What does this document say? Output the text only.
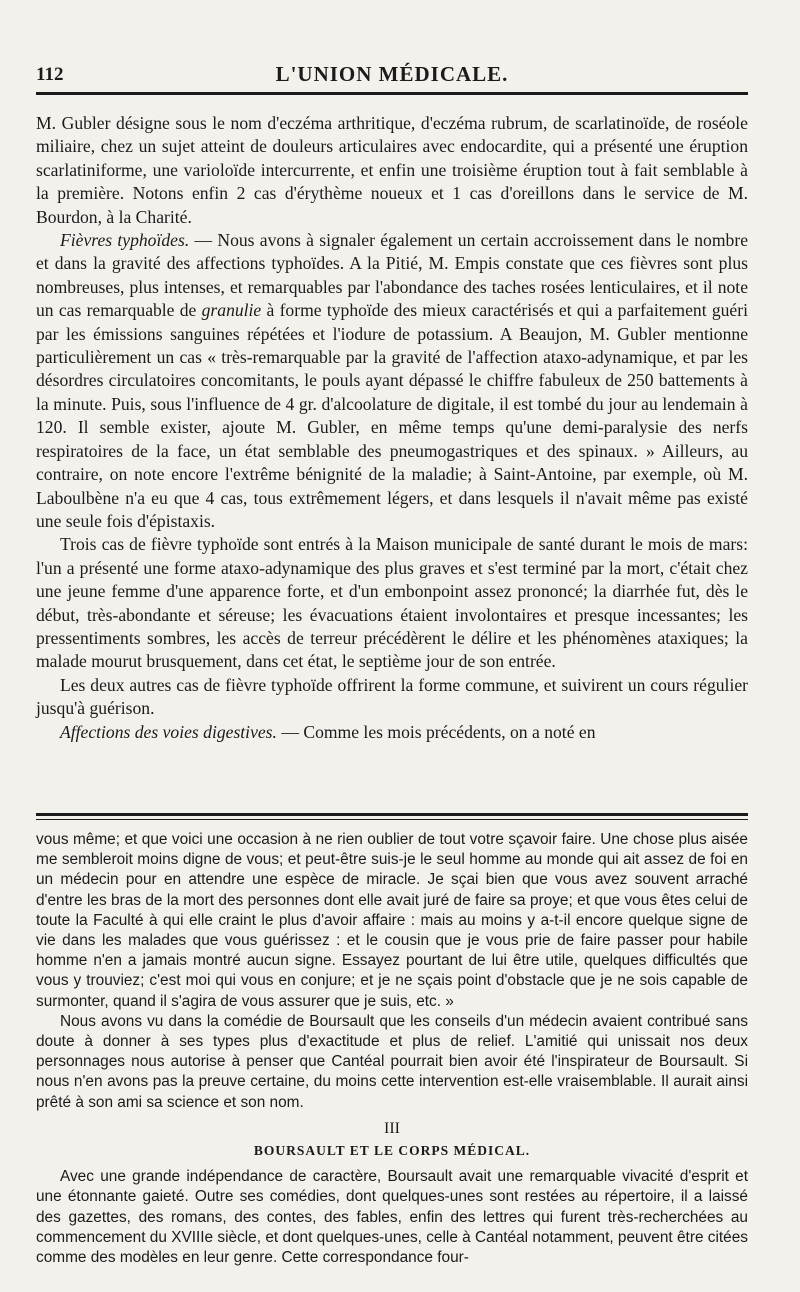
112	L'UNION MÉDICALE.

M. Gubler désigne sous le nom d'eczéma arthritique, d'eczéma rubrum, de scarlatinoïde, de roséole miliaire, chez un sujet atteint de douleurs articulaires avec endocardite, qui a présenté une éruption scarlatiniforme, une varioloïde intercurrente, et enfin une troisième éruption tout à fait semblable à la première. Notons enfin 2 cas d'érythème noueux et 1 cas d'oreillons dans le service de M. Bourdon, à la Charité.

Fièvres typhoïdes. — Nous avons à signaler également un certain accroissement dans le nombre et dans la gravité des affections typhoïdes. A la Pitié, M. Empis constate que ces fièvres sont plus nombreuses, plus intenses, et remarquables par l'abondance des taches rosées lenticulaires, et il note un cas remarquable de granulie à forme typhoïde des mieux caractérisés et qui a parfaitement guéri par les émissions sanguines répétées et l'iodure de potassium. A Beaujon, M. Gubler mentionne particulièrement un cas « très-remarquable par la gravité de l'affection ataxo-adynamique, et par les désordres circulatoires concomitants, le pouls ayant dépassé le chiffre fabuleux de 250 battements à la minute. Puis, sous l'influence de 4 gr. d'alcoolature de digitale, il est tombé du jour au lendemain à 120. Il semble exister, ajoute M. Gubler, en même temps qu'une demi-paralysie des nerfs respiratoires de la face, un état semblable des pneumogastriques et des spinaux. » Ailleurs, au contraire, on note encore l'extrême bénignité de la maladie; à Saint-Antoine, par exemple, où M. Laboulbène n'a eu que 4 cas, tous extrêmement légers, et dans lesquels il n'avait même pas existé une seule fois d'épistaxis.

Trois cas de fièvre typhoïde sont entrés à la Maison municipale de santé durant le mois de mars: l'un a présenté une forme ataxo-adynamique des plus graves et s'est terminé par la mort, c'était chez une jeune femme d'une apparence forte, et d'un embonpoint assez prononcé; la diarrhée fut, dès le début, très-abondante et séreuse; les évacuations étaient involontaires et presque incessantes; les pressentiments sombres, les accès de terreur précédèrent le délire et les phénomènes ataxiques; la malade mourut brusquement, dans cet état, le septième jour de son entrée.

Les deux autres cas de fièvre typhoïde offrirent la forme commune, et suivirent un cours régulier jusqu'à guérison.

Affections des voies digestives. — Comme les mois précédents, on a noté en

vous même; et que voici une occasion à ne rien oublier de tout votre sçavoir faire. Une chose plus aisée me sembleroit moins digne de vous; et peut-être suis-je le seul homme au monde qui ait assez de foi en un médecin pour en attendre une espèce de miracle. Je sçai bien que vous avez souvent arraché d'entre les bras de la mort des personnes dont elle avait juré de faire sa proye; et que vous êtes celui de toute la Faculté à qui elle craint le plus d'avoir affaire : mais au moins y a-t-il encore quelque signe de vie dans les malades que vous guérissez : et le cousin que je vous prie de faire passer pour habile homme n'en a jamais montré aucun signe. Essayez pourtant de lui être utile, quelques difficultés que vous y trouviez; c'est moi qui vous en conjure; et je ne sçais point d'obstacle que je ne sois capable de surmonter, quand il s'agira de vous assurer que je suis, etc. »

Nous avons vu dans la comédie de Boursault que les conseils d'un médecin avaient contribué sans doute à donner à ses types plus d'exactitude et plus de relief. L'amitié qui unissait nos deux personnages nous autorise à penser que Cantéal pourrait bien avoir été l'inspirateur de Boursault. Si nous n'en avons pas la preuve certaine, du moins cette intervention est-elle vraisemblable. Il aurait ainsi prêté à son ami sa science et son nom.

III
BOURSAULT ET LE CORPS MÉDICAL.

Avec une grande indépendance de caractère, Boursault avait une remarquable vivacité d'esprit et une étonnante gaieté. Outre ses comédies, dont quelques-unes sont restées au répertoire, il a laissé des gazettes, des romans, des contes, des fables, enfin des lettres qui furent très-recherchées au commencement du XVIIIe siècle, et dont quelques-unes, celle à Cantéal notamment, peuvent être citées comme des modèles en leur genre. Cette correspondance four-
